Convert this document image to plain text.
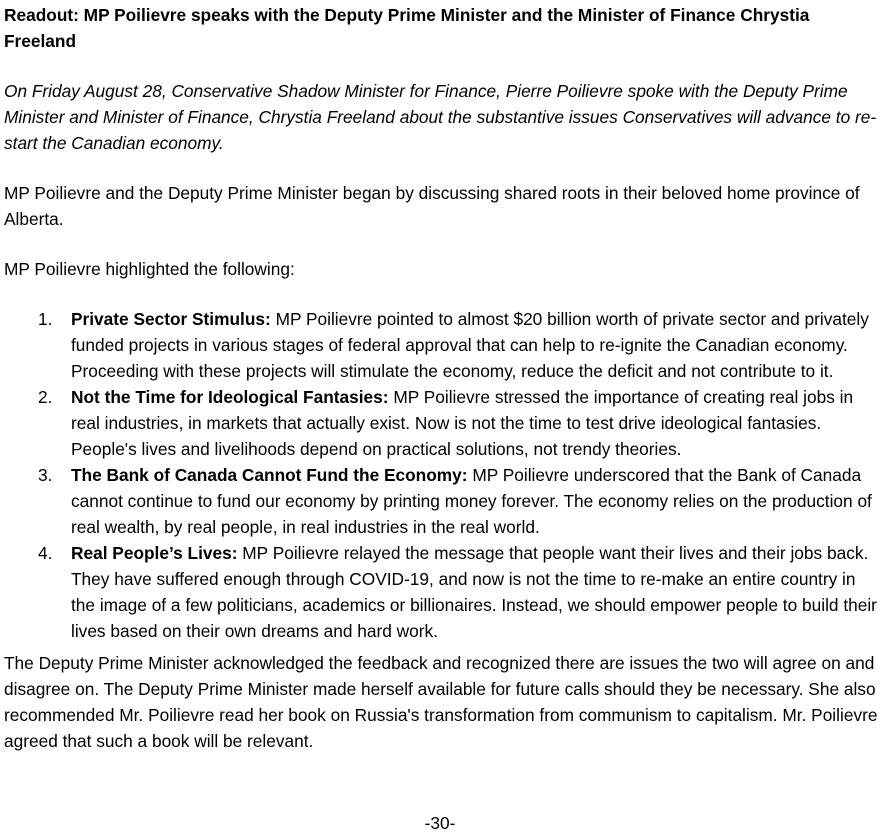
Readout: MP Poilievre speaks with the Deputy Prime Minister and the Minister of Finance Chrystia Freeland

On Friday August 28, Conservative Shadow Minister for Finance, Pierre Poilievre spoke with the Deputy Prime Minister and Minister of Finance, Chrystia Freeland about the substantive issues Conservatives will advance to re-start the Canadian economy.

MP Poilievre and the Deputy Prime Minister began by discussing shared roots in their beloved home province of Alberta.

MP Poilievre highlighted the following:

1. Private Sector Stimulus: MP Poilievre pointed to almost $20 billion worth of private sector and privately funded projects in various stages of federal approval that can help to re-ignite the Canadian economy. Proceeding with these projects will stimulate the economy, reduce the deficit and not contribute to it.
2. Not the Time for Ideological Fantasies: MP Poilievre stressed the importance of creating real jobs in real industries, in markets that actually exist. Now is not the time to test drive ideological fantasies. People's lives and livelihoods depend on practical solutions, not trendy theories.
3. The Bank of Canada Cannot Fund the Economy: MP Poilievre underscored that the Bank of Canada cannot continue to fund our economy by printing money forever. The economy relies on the production of real wealth, by real people, in real industries in the real world.
4. Real People’s Lives: MP Poilievre relayed the message that people want their lives and their jobs back. They have suffered enough through COVID-19, and now is not the time to re-make an entire country in the image of a few politicians, academics or billionaires. Instead, we should empower people to build their lives based on their own dreams and hard work.

The Deputy Prime Minister acknowledged the feedback and recognized there are issues the two will agree on and disagree on. The Deputy Prime Minister made herself available for future calls should they be necessary. She also recommended Mr. Poilievre read her book on Russia's transformation from communism to capitalism. Mr. Poilievre agreed that such a book will be relevant.

-30-
